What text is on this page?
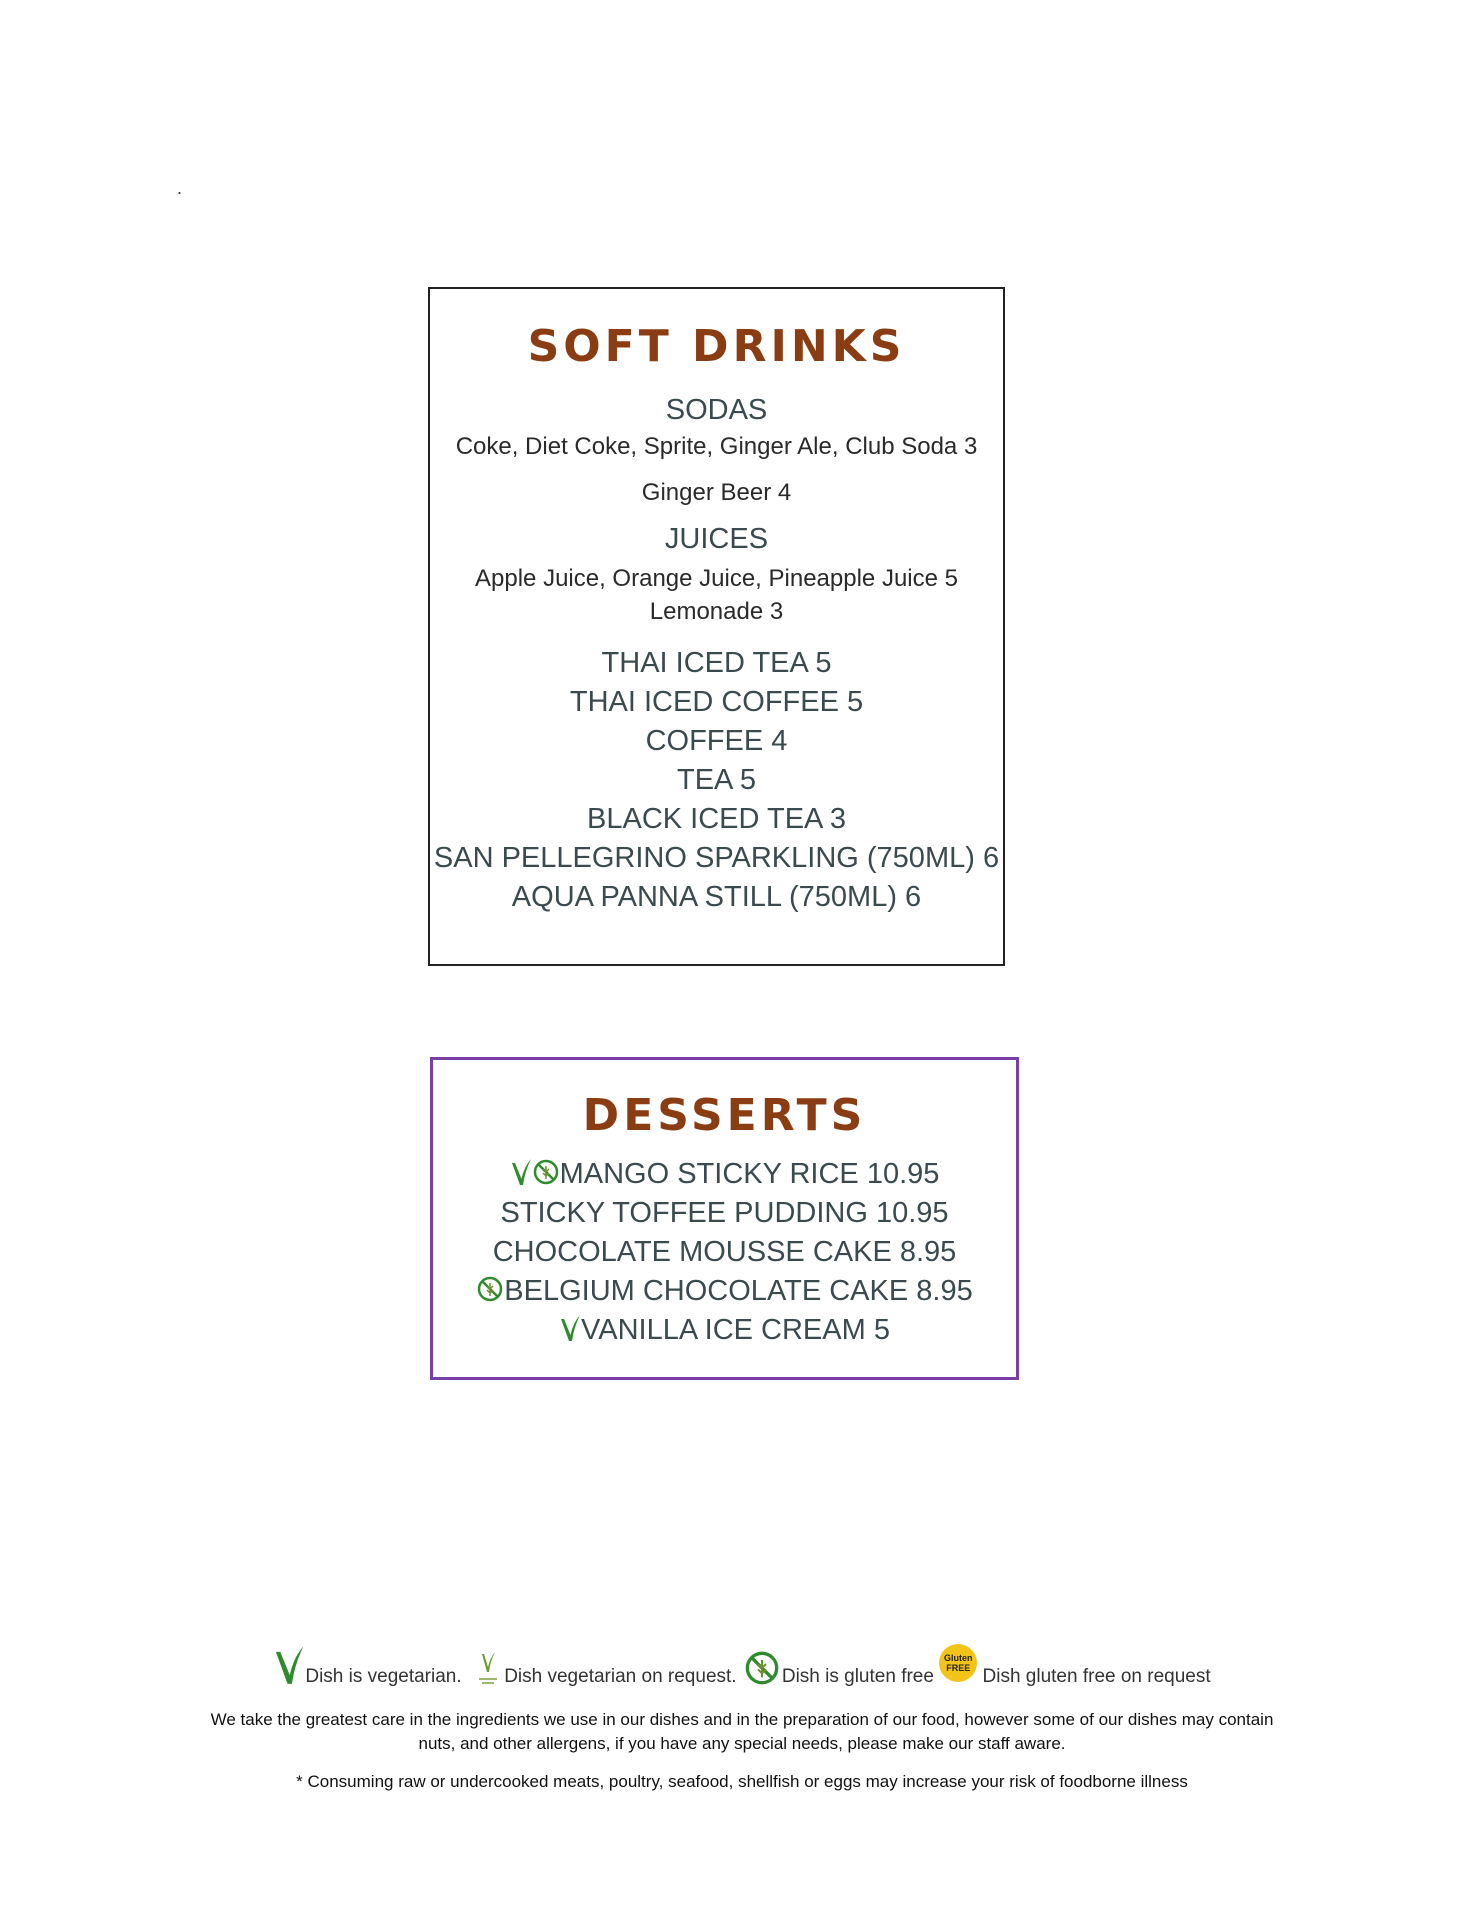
.
SOFT DRINKS
SODAS
Coke, Diet Coke, Sprite, Ginger Ale, Club Soda 3
Ginger Beer 4
JUICES
Apple Juice, Orange Juice, Pineapple Juice 5
Lemonade 3
THAI ICED TEA 5
THAI ICED COFFEE 5
COFFEE 4
TEA 5
BLACK ICED TEA 3
SAN PELLEGRINO SPARKLING (750ML) 6
AQUA PANNA STILL (750ML) 6
DESSERTS
MANGO STICKY RICE 10.95
STICKY TOFFEE PUDDING 10.95
CHOCOLATE MOUSSE CAKE 8.95
BELGIUM CHOCOLATE CAKE 8.95
VANILLA ICE CREAM 5
Dish is vegetarian. Dish vegetarian on request. Dish is gluten free Gluten
FREE Dish gluten free on request
We take the greatest care in the ingredients we use in our dishes and in the preparation of our food, however some of our dishes may contain
nuts, and other allergens, if you have any special needs, please make our staff aware.
* Consuming raw or undercooked meats, poultry, seafood, shellfish or eggs may increase your risk of foodborne illness
